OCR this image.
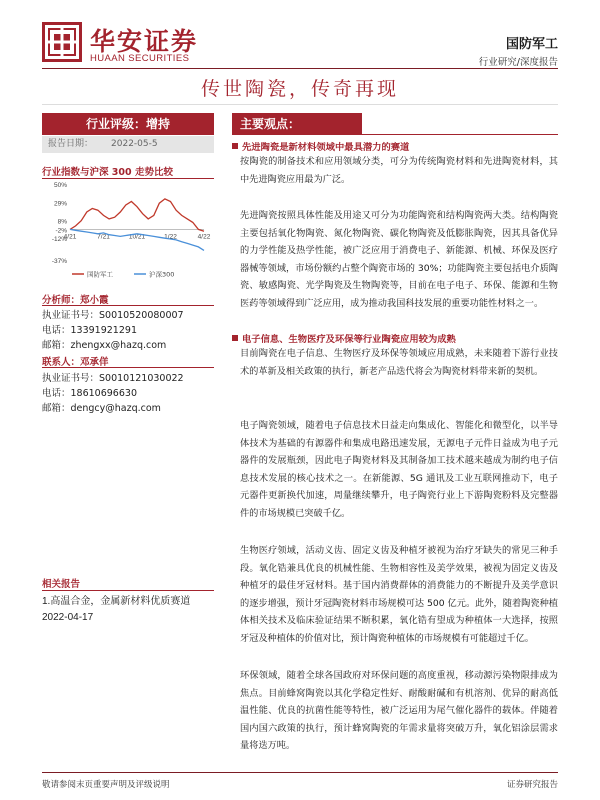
华安证券
HUAAN SECURITIES
国防军工
行业研究/深度报告
传世陶瓷，传奇再现
行业评级：增持
报告日期： 2022-05-5
行业指数与沪深 300 走势比较
50%
29%
8%
-12%
-37%
-2%
4/21	7/21	10/21	1/22	4/22
国防军工	沪深300
分析师：郑小霞
执业证书号：S0010520080007
电话：13391921291
邮箱：zhengxx@hazq.com
联系人：邓承佯
执业证书号：S0010121030022
电话：18610696630
邮箱：dengcy@hazq.com
相关报告
1.高温合金，金属新材料优质赛道
2022-04-17
主要观点：
先进陶瓷是新材料领域中最具潜力的赛道
按陶瓷的制备技术和应用领域分类，可分为传统陶瓷材料和先进陶瓷材料，其中先进陶瓷应用最为广泛。
先进陶瓷按照具体性能及用途又可分为功能陶瓷和结构陶瓷两大类。结构陶瓷主要包括氧化物陶瓷、氮化物陶瓷、碳化物陶瓷及低膨胀陶瓷，因其具备优异的力学性能及热学性能，被广泛应用于消费电子、新能源、机械、环保及医疗器械等领域，市场份额约占整个陶瓷市场的 30%；功能陶瓷主要包括电介质陶瓷、敏感陶瓷、光学陶瓷及生物陶瓷等，目前在电子电子、环保、能源和生物医药等领域得到广泛应用，成为推动我国科技发展的重要功能性材料之一。
电子信息、生物医疗及环保等行业陶瓷应用较为成熟
目前陶瓷在电子信息、生物医疗及环保等领域应用成熟，未来随着下游行业技术的革新及相关政策的执行，新老产品迭代将会为陶瓷材料带来新的契机。
电子陶瓷领域，随着电子信息技术日益走向集成化、智能化和微型化，以半导体技术为基础的有源器件和集成电路迅速发展，无源电子元件日益成为电子元器件的发展瓶颈，因此电子陶瓷材料及其制备加工技术越来越成为制约电子信息技术发展的核心技术之一。在新能源、5G 通讯及工业互联网推动下，电子元器件更新换代加速，周量继续攀升，电子陶瓷行业上下游陶瓷粉料及完整器件的市场规模已突破千亿。
生物医疗领域，活动义齿、固定义齿及种植牙被视为治疗牙缺失的常见三种手段。氧化锆兼具优良的机械性能、生物相容性及美学效果，被视为固定义齿及种植牙的最佳牙冠材料。基于国内消费群体的消费能力的不断提升及美学意识的逐步增强，预计牙冠陶瓷材料市场规模可达 500 亿元。此外，随着陶瓷种植体相关技术及临床验证结果不断积累，氧化锆有望成为种植体一大选择，按照牙冠及种植体的价值对比，预计陶瓷种植体的市场规模有可能超过千亿。
环保领域，随着全球各国政府对环保问题的高度重视，移动源污染物限排成为焦点。目前蜂窝陶瓷以其化学稳定性好、耐酸耐碱和有机溶剂、优异的耐高低温性能、优良的抗菌性能等特性，被广泛运用为尾气催化器件的载体。伴随着国内国六政策的执行，预计蜂窝陶瓷的年需求量将突破万升，氧化铝涂层需求量将迭万吨。
敬请参阅末页重要声明及评级说明	证券研究报告
